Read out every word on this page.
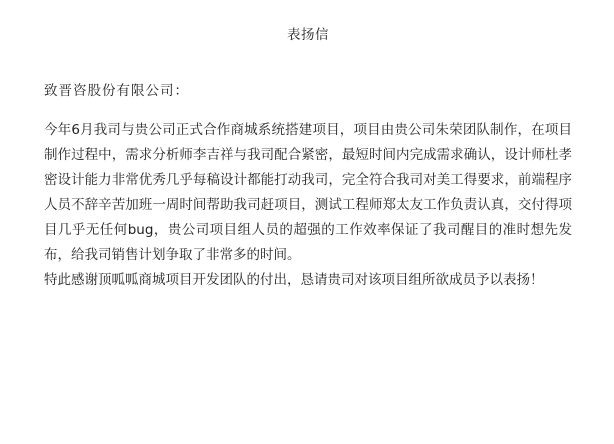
表扬信
致晋咨股份有限公司：

今年6月我司与贵公司正式合作商城系统搭建项目，项目由贵公司朱荣团队制作，在项目制作过程中，需求分析师李吉祥与我司配合紧密，最短时间内完成需求确认，设计师杜孝密设计能力非常优秀几乎每稿设计都能打动我司，完全符合我司对美工得要求，前端程序人员不辞辛苦加班一周时间帮助我司赶项目，测试工程师郑太友工作负责认真，交付得项目几乎无任何bug，贵公司项目组人员的超强的工作效率保证了我司醒目的准时想先发布，给我司销售计划争取了非常多的时间。

特此感谢顶呱呱商城项目开发团队的付出，恳请贵司对该项目组所欲成员予以表扬！
